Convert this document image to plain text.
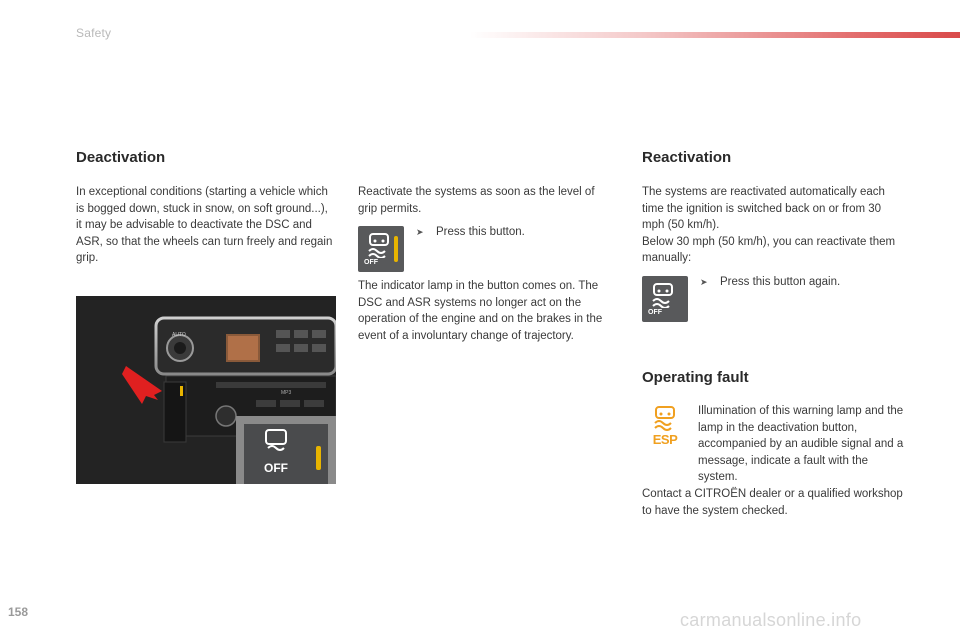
Safety
Deactivation

In exceptional conditions (starting a vehicle which is bogged down, stuck in snow, on soft ground...), it may be advisable to deactivate the DSC and ASR, so that the wheels can turn freely and regain grip.

AUTO
MP3
OFF

Reactivate the systems as soon as the level of grip permits.

OFF
➤ Press this button.

The indicator lamp in the button comes on. The DSC and ASR systems no longer act on the operation of the engine and on the brakes in the event of a involuntary change of trajectory.

Reactivation

The systems are reactivated automatically each time the ignition is switched back on or from 30 mph (50 km/h).
Below 30 mph (50 km/h), you can reactivate them manually:

OFF
➤ Press this button again.
Operating fault
ESP

Illumination of this warning lamp and the lamp in the deactivation button, accompanied by an audible signal and a message, indicate a fault with the system.

Contact a CITROËN dealer or a qualified workshop to have the system checked.

158	carmanualsonline.info
